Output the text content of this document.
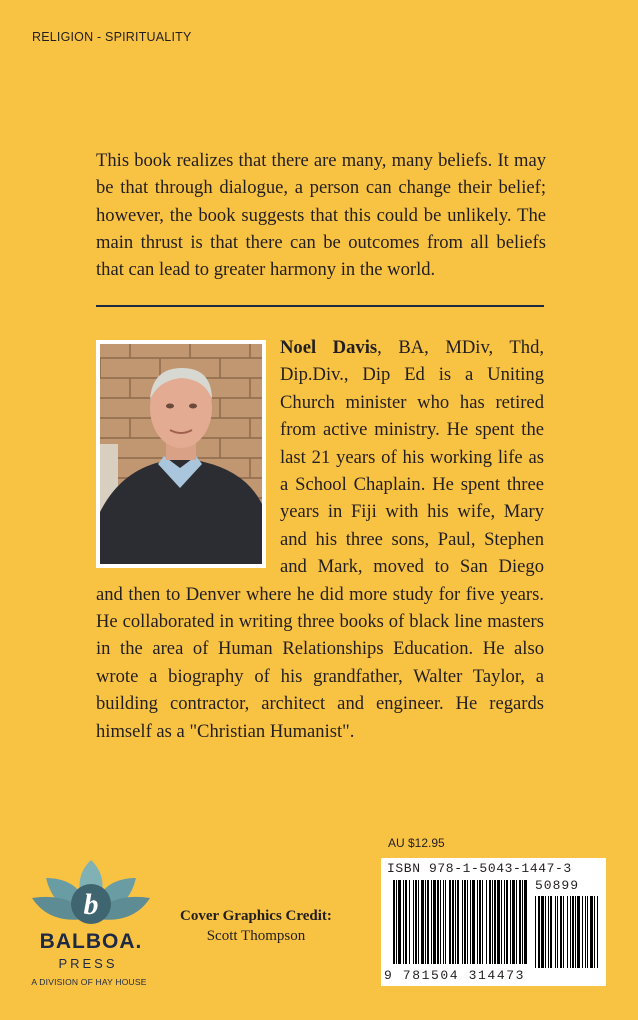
RELIGION - SPIRITUALITY

This book realizes that there are many, many beliefs. It may be that through dialogue, a person can change their belief; however, the book suggests that this could be unlikely. The main thrust is that there can be outcomes from all beliefs that can lead to greater harmony in the world.

Noel Davis, BA, MDiv, Thd, Dip.Div., Dip Ed is a Uniting Church minister who has retired from active ministry. He spent the last 21 years of his working life as a School Chaplain. He spent three years in Fiji with his wife, Mary and his three sons, Paul, Stephen and Mark, moved to San Diego and then to Denver where he did more study for five years. He collaborated in writing three books of black line masters in the area of Human Relationships Education. He also wrote a biography of his grandfather, Walter Taylor, a building contractor, architect and engineer. He regards himself as a "Christian Humanist".
AU $12.95
ISBN 978-1-5043-1447-3
50899
9 781504 314473
Cover Graphics Credit:
Scott Thompson
b
BALBOA.
PRESS
A DIVISION OF HAY HOUSE
